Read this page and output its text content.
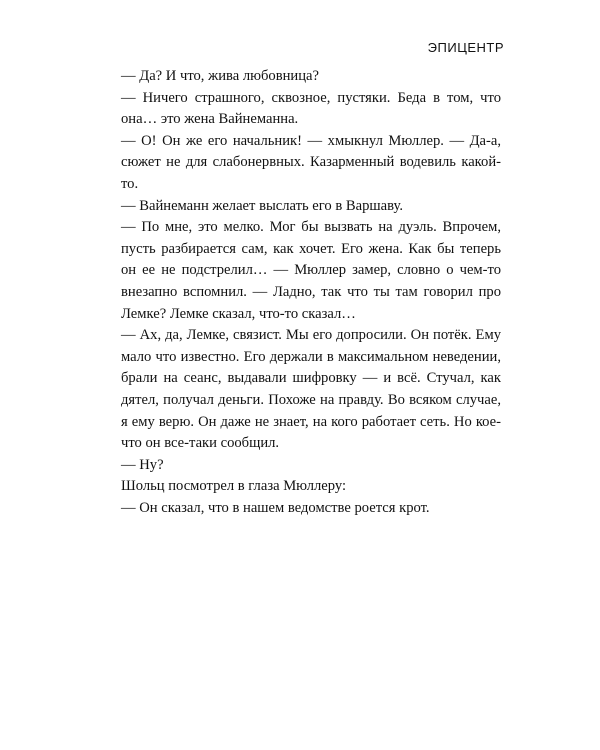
ЭПИЦЕНТР

— Да? И что, жива любовница?

— Ничего страшного, сквозное, пустяки. Беда в том, что она… это жена Вайнеманна.

— О! Он же его начальник! — хмыкнул Мюллер. — Да-а, сюжет не для слабонервных. Казарменный водевиль какой-то.

— Вайнеманн желает выслать его в Варшаву.

— По мне, это мелко. Мог бы вызвать на дуэль. Впрочем, пусть разбирается сам, как хочет. Его жена. Как бы теперь он ее не подстрелил… — Мюллер замер, словно о чем-то внезапно вспомнил. — Ладно, так что ты там говорил про Лемке? Лемке сказал, что-то сказал…

— Ах, да, Лемке, связист. Мы его допросили. Он потёк. Ему мало что известно. Его держали в максимальном неведении, брали на сеанс, выдавали шифровку — и всё. Стучал, как дятел, получал деньги. Похоже на правду. Во всяком случае, я ему верю. Он даже не знает, на кого работает сеть. Но кое-что он все-таки сообщил.

— Ну?

Шольц посмотрел в глаза Мюллеру:

— Он сказал, что в нашем ведомстве роется крот.
